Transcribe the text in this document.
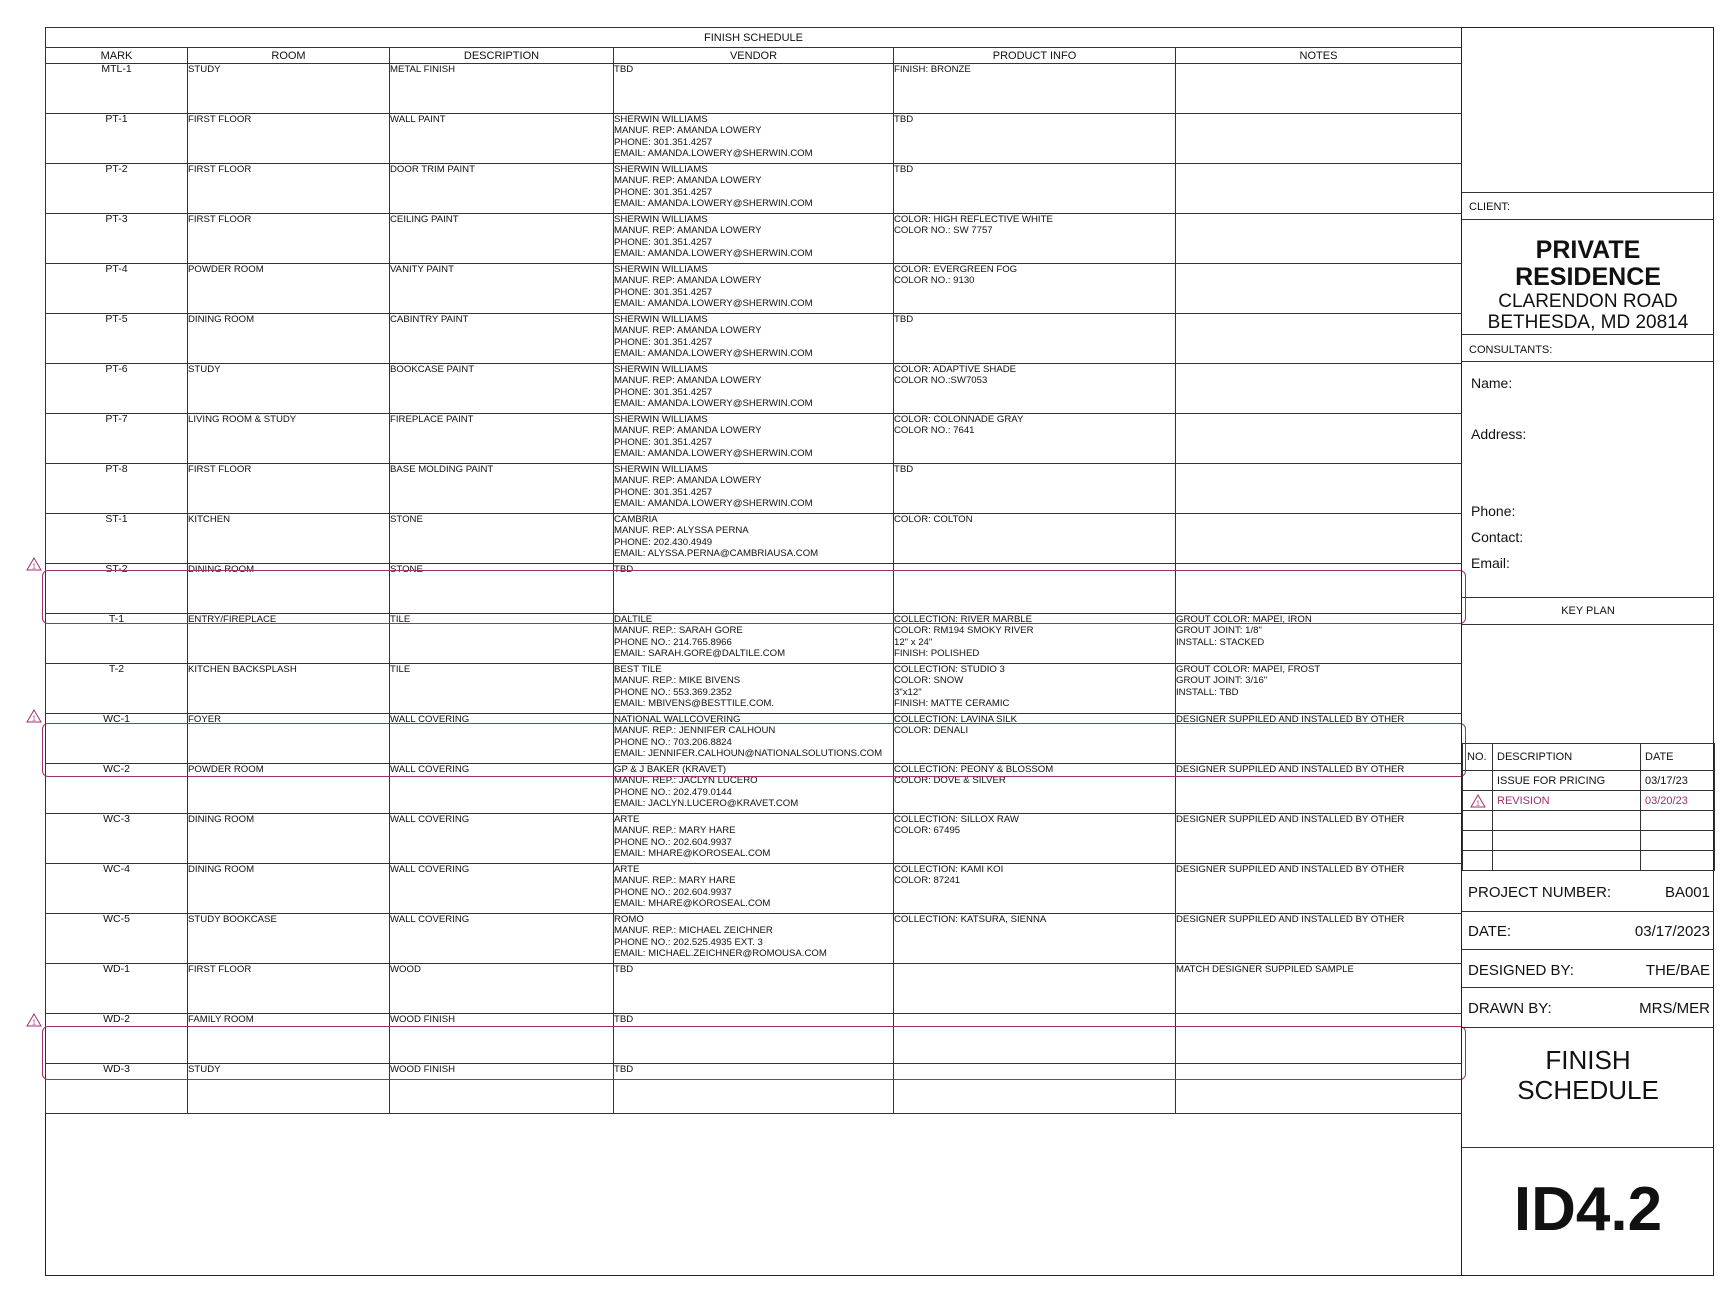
FINISH SCHEDULE					
MARK	ROOM	DESCRIPTION	VENDOR	PRODUCT INFO	NOTES
MTL-1	STUDY	METAL FINISH	TBD	FINISH: BRONZE	

PT-1	FIRST FLOOR	WALL PAINT	SHERWIN WILLIAMS
MANUF. REP: AMANDA LOWERY
PHONE: 301.351.4257
EMAIL: AMANDA.LOWERY@SHERWIN.COM	TBD	

PT-2	FIRST FLOOR	DOOR TRIM PAINT	SHERWIN WILLIAMS
MANUF. REP: AMANDA LOWERY
PHONE: 301.351.4257
EMAIL: AMANDA.LOWERY@SHERWIN.COM	TBD	

PT-3	FIRST FLOOR	CEILING PAINT	SHERWIN WILLIAMS
MANUF. REP: AMANDA LOWERY
PHONE: 301.351.4257
EMAIL: AMANDA.LOWERY@SHERWIN.COM	COLOR: HIGH REFLECTIVE WHITE
COLOR NO.: SW 7757	

PT-4	POWDER ROOM	VANITY PAINT	SHERWIN WILLIAMS
MANUF. REP: AMANDA LOWERY
PHONE: 301.351.4257
EMAIL: AMANDA.LOWERY@SHERWIN.COM	COLOR: EVERGREEN FOG
COLOR NO.: 9130	

PT-5	DINING ROOM	CABINTRY PAINT	SHERWIN WILLIAMS
MANUF. REP: AMANDA LOWERY
PHONE: 301.351.4257
EMAIL: AMANDA.LOWERY@SHERWIN.COM	TBD	

PT-6	STUDY	BOOKCASE PAINT	SHERWIN WILLIAMS
MANUF. REP: AMANDA LOWERY
PHONE: 301.351.4257
EMAIL: AMANDA.LOWERY@SHERWIN.COM	COLOR: ADAPTIVE SHADE
COLOR NO.:SW7053	

PT-7	LIVING ROOM & STUDY	FIREPLACE PAINT	SHERWIN WILLIAMS
MANUF. REP: AMANDA LOWERY
PHONE: 301.351.4257
EMAIL: AMANDA.LOWERY@SHERWIN.COM	COLOR: COLONNADE GRAY
COLOR NO.: 7641	

PT-8	FIRST FLOOR	BASE MOLDING PAINT	SHERWIN WILLIAMS
MANUF. REP: AMANDA LOWERY
PHONE: 301.351.4257
EMAIL: AMANDA.LOWERY@SHERWIN.COM	TBD	

ST-1	KITCHEN	STONE	CAMBRIA
MANUF. REP: ALYSSA PERNA
PHONE: 202.430.4949
EMAIL: ALYSSA.PERNA@CAMBRIAUSA.COM	COLOR: COLTON	

ST-2	DINING ROOM	STONE	TBD		

T-1	ENTRY/FIREPLACE	TILE	DALTILE
MANUF. REP.: SARAH GORE
PHONE NO.: 214.765.8966
EMAIL: SARAH.GORE@DALTILE.COM	COLLECTION: RIVER MARBLE
COLOR: RM194 SMOKY RIVER
12" x 24"
FINISH: POLISHED	GROUT COLOR: MAPEI, IRON
GROUT JOINT: 1/8"
INSTALL: STACKED

T-2	KITCHEN BACKSPLASH	TILE	BEST TILE
MANUF. REP.: MIKE BIVENS
PHONE NO.: 553.369.2352
EMAIL: MBIVENS@BESTTILE.COM.	COLLECTION: STUDIO 3
COLOR: SNOW
3"x12"
FINISH: MATTE CERAMIC	GROUT COLOR: MAPEI, FROST
GROUT JOINT: 3/16"
INSTALL: TBD

WC-1	FOYER	WALL COVERING	NATIONAL WALLCOVERING
MANUF. REP.: JENNIFER CALHOUN
PHONE NO.: 703.206.8824
EMAIL: JENNIFER.CALHOUN@NATIONALSOLUTIONS.COM	COLLECTION: LAVINA SILK
COLOR: DENALI	DESIGNER SUPPILED AND INSTALLED BY OTHER

WC-2	POWDER ROOM	WALL COVERING	GP & J BAKER (KRAVET)
MANUF. REP.: JACLYN LUCERO
PHONE NO.: 202.479.0144
EMAIL: JACLYN.LUCERO@KRAVET.COM	COLLECTION: PEONY & BLOSSOM
COLOR: DOVE & SILVER	DESIGNER SUPPILED AND INSTALLED BY OTHER

WC-3	DINING ROOM	WALL COVERING	ARTE
MANUF. REP.: MARY HARE
PHONE NO.: 202.604.9937
EMAIL: MHARE@KOROSEAL.COM	COLLECTION: SILLOX RAW
COLOR: 67495	DESIGNER SUPPILED AND INSTALLED BY OTHER

WC-4	DINING ROOM	WALL COVERING	ARTE
MANUF. REP.: MARY HARE
PHONE NO.: 202.604.9937
EMAIL: MHARE@KOROSEAL.COM	COLLECTION: KAMI KOI
COLOR: 87241	DESIGNER SUPPILED AND INSTALLED BY OTHER

WC-5	STUDY BOOKCASE	WALL COVERING	ROMO
MANUF. REP.: MICHAEL ZEICHNER
PHONE NO.: 202.525.4935 EXT. 3
EMAIL: MICHAEL.ZEICHNER@ROMOUSA.COM	COLLECTION: KATSURA, SIENNA	DESIGNER SUPPILED AND INSTALLED BY OTHER

WD-1	FIRST FLOOR	WOOD	TBD		MATCH DESIGNER SUPPILED SAMPLE

WD-2	FAMILY ROOM	WOOD FINISH	TBD		

WD-3	STUDY	WOOD FINISH	TBD		

1
1
1
CLIENT:
PRIVATE
RESIDENCE
CLARENDON ROAD
BETHESDA, MD 20814
CONSULTANTS:
Name:
Address:
Phone:
Contact:
Email:
KEY PLAN
NO.	DESCRIPTION	DATE
	ISSUE FOR PRICING	03/17/23

1	REVISION	03/20/23

PROJECT NUMBER:	BA001
DATE:	03/17/2023
DESIGNED BY:	THE/BAE
DRAWN BY:	MRS/MER
FINISH
SCHEDULE
ID4.2
